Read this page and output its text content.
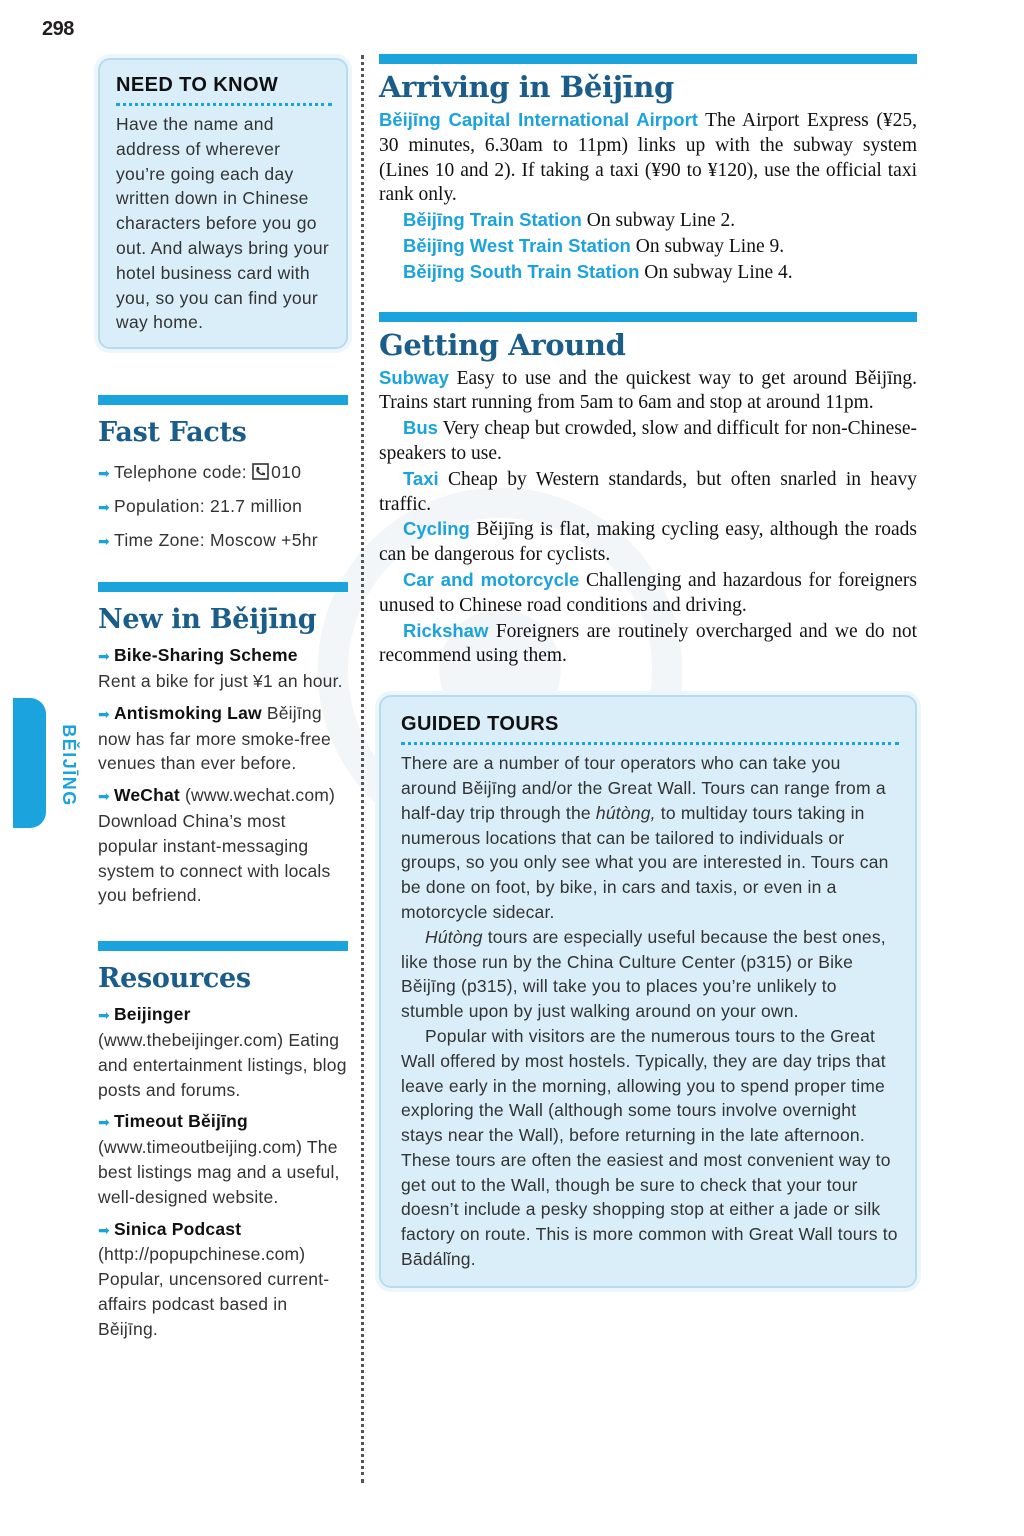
298
BĚIJĪNG
NEED TO KNOW
Have the name and address of wherever you’re going each day written down in Chinese characters before you go out. And always bring your hotel business card with you, so you can find your way home.
Fast Facts
➡ Telephone code: 010
➡ Population: 21.7 million
➡ Time Zone: Moscow +5hr
New in Běijīng
➡ Bike-Sharing Scheme
Rent a bike for just ¥1 an hour.
➡ Antismoking Law Běijīng now has far more smoke-free venues than ever before.
➡ WeChat (www.wechat.com) Download China’s most popular instant-messaging system to connect with locals you befriend.
Resources
➡ Beijinger (www.thebeijinger.com) Eating and entertainment listings, blog posts and forums.
➡ Timeout Běijīng (www.timeoutbeijing.com) The best listings mag and a useful, well-designed website.
➡ Sinica Podcast (http://popupchinese.com) Popular, uncensored current-affairs podcast based in Běijīng.
Arriving in Běijīng

Běijīng Capital International Airport The Airport Express (¥25, 30 minutes, 6.30am to 11pm) links up with the subway system (Lines 10 and 2). If taking a taxi (¥90 to ¥120), use the official taxi rank only.

Běijīng Train Station On subway Line 2.

Běijīng West Train Station On subway Line 9.

Běijīng South Train Station On subway Line 4.

Getting Around

Subway Easy to use and the quickest way to get around Běijīng. Trains start running from 5am to 6am and stop at around 11pm.

Bus Very cheap but crowded, slow and difficult for non-Chinese-speakers to use.

Taxi Cheap by Western standards, but often snarled in heavy traffic.

Cycling Běijīng is flat, making cycling easy, although the roads can be dangerous for cyclists.

Car and motorcycle Challenging and hazardous for foreigners unused to Chinese road conditions and driving.

Rickshaw Foreigners are routinely overcharged and we do not recommend using them.

GUIDED TOURS

There are a number of tour operators who can take you around Běijīng and/or the Great Wall. Tours can range from a half-day trip through the hútòng, to multiday tours taking in numerous locations that can be tailored to individuals or groups, so you only see what you are interested in. Tours can be done on foot, by bike, in cars and taxis, or even in a motorcycle sidecar.

Hútòng tours are especially useful because the best ones, like those run by the China Culture Center (p315) or Bike Běijīng (p315), will take you to places you’re unlikely to stumble upon by just walking around on your own.

Popular with visitors are the numerous tours to the Great Wall offered by most hostels. Typically, they are day trips that leave early in the morning, allowing you to spend proper time exploring the Wall (although some tours involve overnight stays near the Wall), before returning in the late afternoon. These tours are often the easiest and most convenient way to get out to the Wall, though be sure to check that your tour doesn’t include a pesky shopping stop at either a jade or silk factory on route. This is more common with Great Wall tours to Bādálǐng.
